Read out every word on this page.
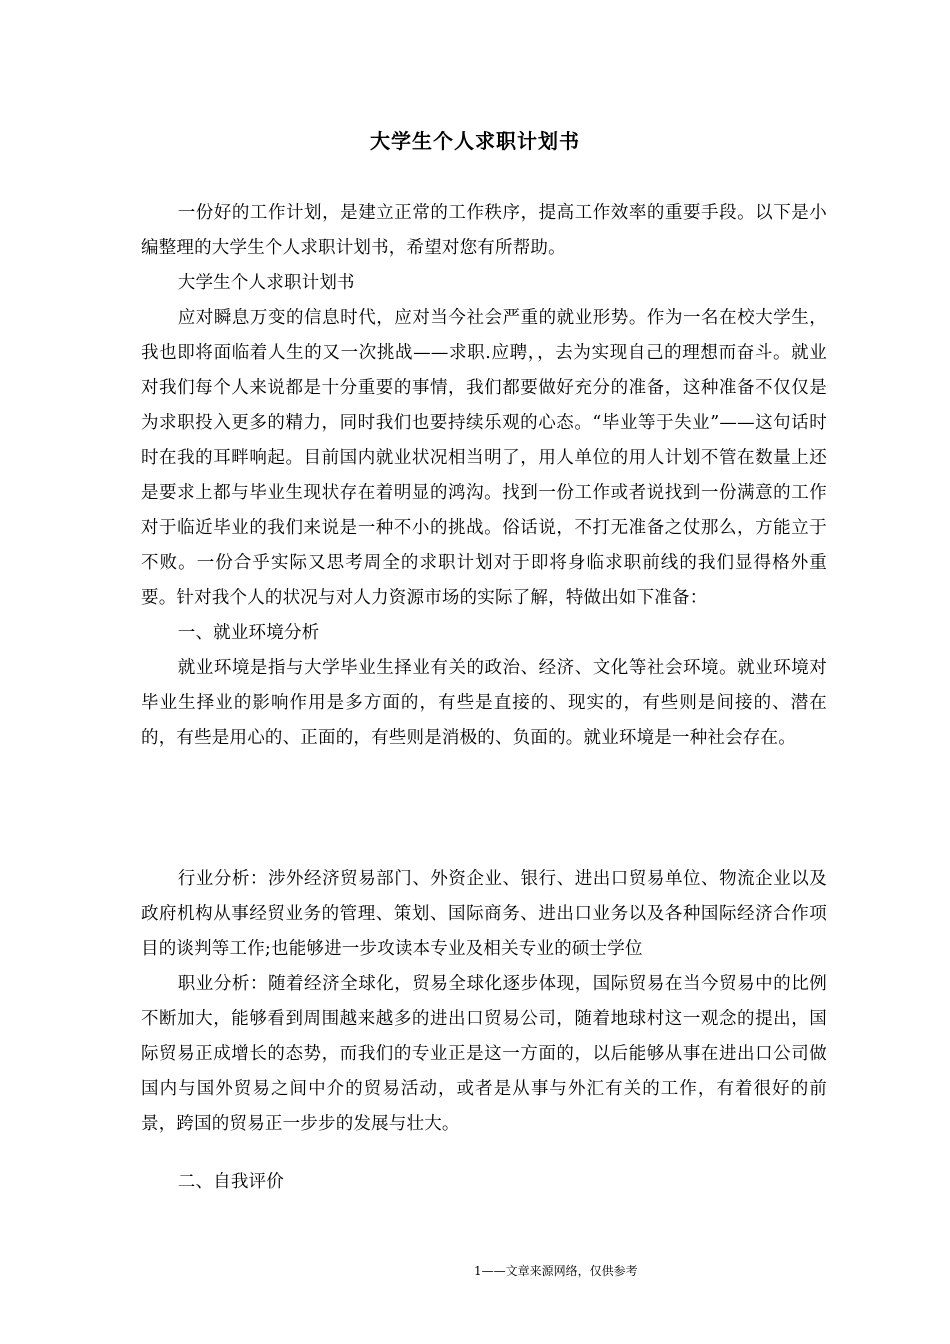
大学生个人求职计划书

一份好的工作计划，是建立正常的工作秩序，提高工作效率的重要手段。以下是小编整理的大学生个人求职计划书，希望对您有所帮助。

大学生个人求职计划书

应对瞬息万变的信息时代，应对当今社会严重的就业形势。作为一名在校大学生，我也即将面临着人生的又一次挑战——求职.应聘，，去为实现自己的理想而奋斗。就业对我们每个人来说都是十分重要的事情，我们都要做好充分的准备，这种准备不仅仅是为求职投入更多的精力，同时我们也要持续乐观的心态。“毕业等于失业”——这句话时时在我的耳畔响起。目前国内就业状况相当明了，用人单位的用人计划不管在数量上还是要求上都与毕业生现状存在着明显的鸿沟。找到一份工作或者说找到一份满意的工作对于临近毕业的我们来说是一种不小的挑战。俗话说，不打无准备之仗那么，方能立于不败。一份合乎实际又思考周全的求职计划对于即将身临求职前线的我们显得格外重要。针对我个人的状况与对人力资源市场的实际了解，特做出如下准备：

一、就业环境分析

就业环境是指与大学毕业生择业有关的政治、经济、文化等社会环境。就业环境对毕业生择业的影响作用是多方面的，有些是直接的、现实的，有些则是间接的、潜在的，有些是用心的、正面的，有些则是消极的、负面的。就业环境是一种社会存在。

行业分析：涉外经济贸易部门、外资企业、银行、进出口贸易单位、物流企业以及政府机构从事经贸业务的管理、策划、国际商务、进出口业务以及各种国际经济合作项目的谈判等工作;也能够进一步攻读本专业及相关专业的硕士学位

职业分析：随着经济全球化，贸易全球化逐步体现，国际贸易在当今贸易中的比例不断加大，能够看到周围越来越多的进出口贸易公司，随着地球村这一观念的提出，国际贸易正成增长的态势，而我们的专业正是这一方面的，以后能够从事在进出口公司做国内与国外贸易之间中介的贸易活动，或者是从事与外汇有关的工作，有着很好的前景，跨国的贸易正一步步的发展与壮大。

二、自我评价

1——文章来源网络，仅供参考
